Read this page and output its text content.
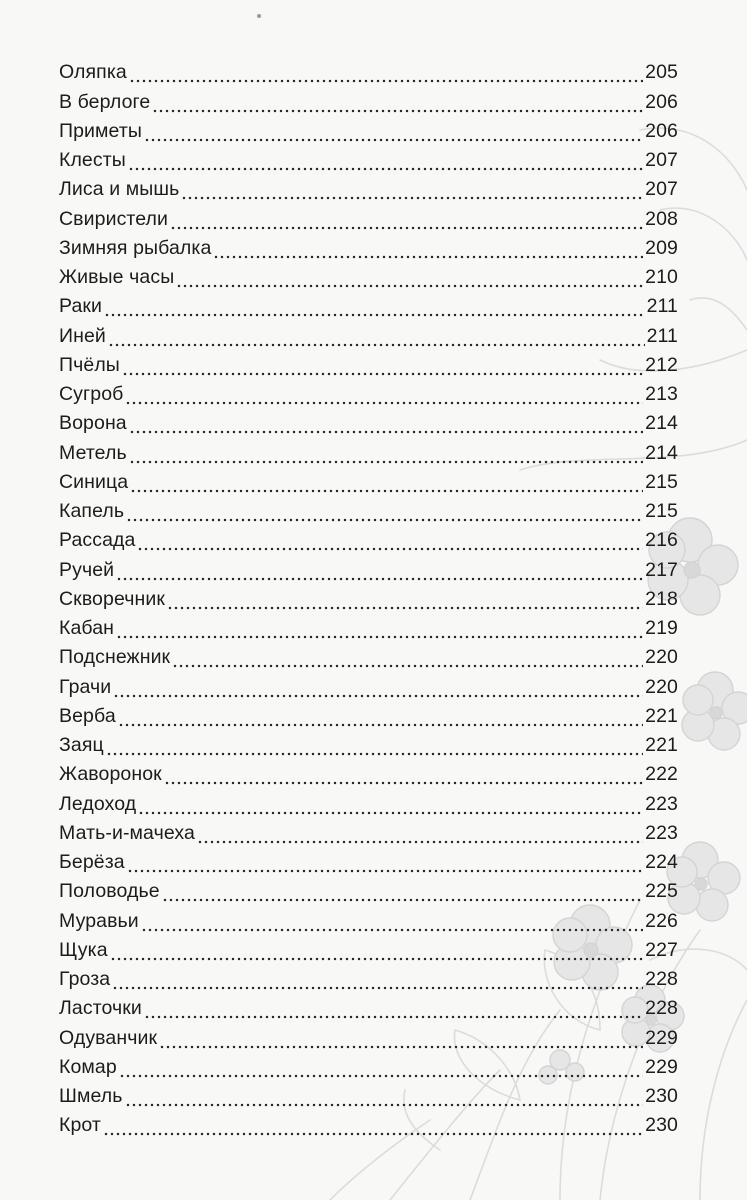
Оляпка	205
В берлоге	206
Приметы	206
Клесты	207
Лиса и мышь	207
Свиристели	208
Зимняя рыбалка	209
Живые часы	210
Раки	211
Иней	211
Пчёлы	212
Сугроб	213
Ворона	214
Метель	214
Синица	215
Капель	215
Рассада	216
Ручей	217
Скворечник	218
Кабан	219
Подснежник	220
Грачи	220
Верба	221
Заяц	221
Жаворонок	222
Ледоход	223
Мать-и-мачеха	223
Берёза	224
Половодье	225
Муравьи	226
Щука	227
Гроза	228
Ласточки	228
Одуванчик	229
Комар	229
Шмель	230
Крот	230
